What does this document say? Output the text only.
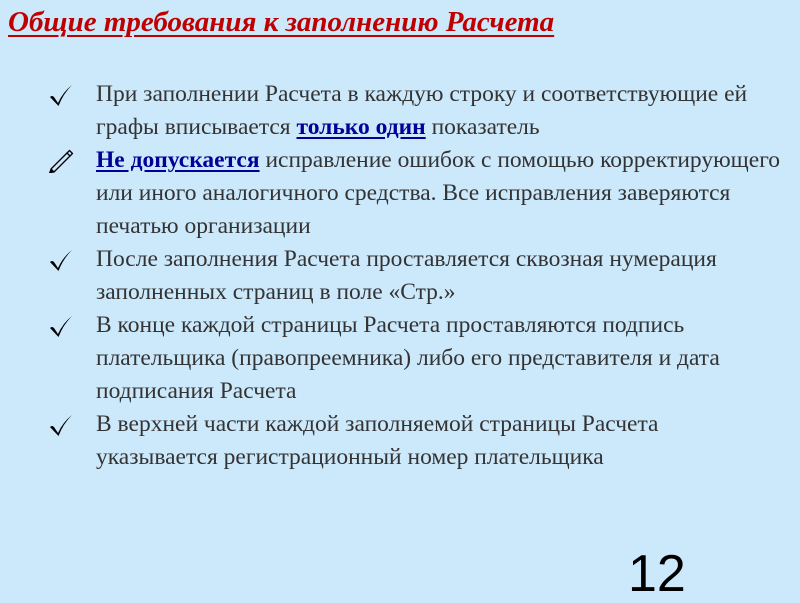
Общие требования к заполнению Расчета
При заполнении Расчета в каждую строку и соответствующие ей графы вписывается только один показатель
Не допускается исправление ошибок с помощью корректирующего или иного аналогичного средства. Все исправления заверяются печатью организации
После заполнения Расчета проставляется сквозная нумерация заполненных страниц в поле «Стр.»
В конце каждой страницы Расчета проставляются подпись плательщика (правопреемника) либо его представителя и дата подписания Расчета
В верхней части каждой заполняемой страницы Расчета указывается регистрационный номер плательщика
12
